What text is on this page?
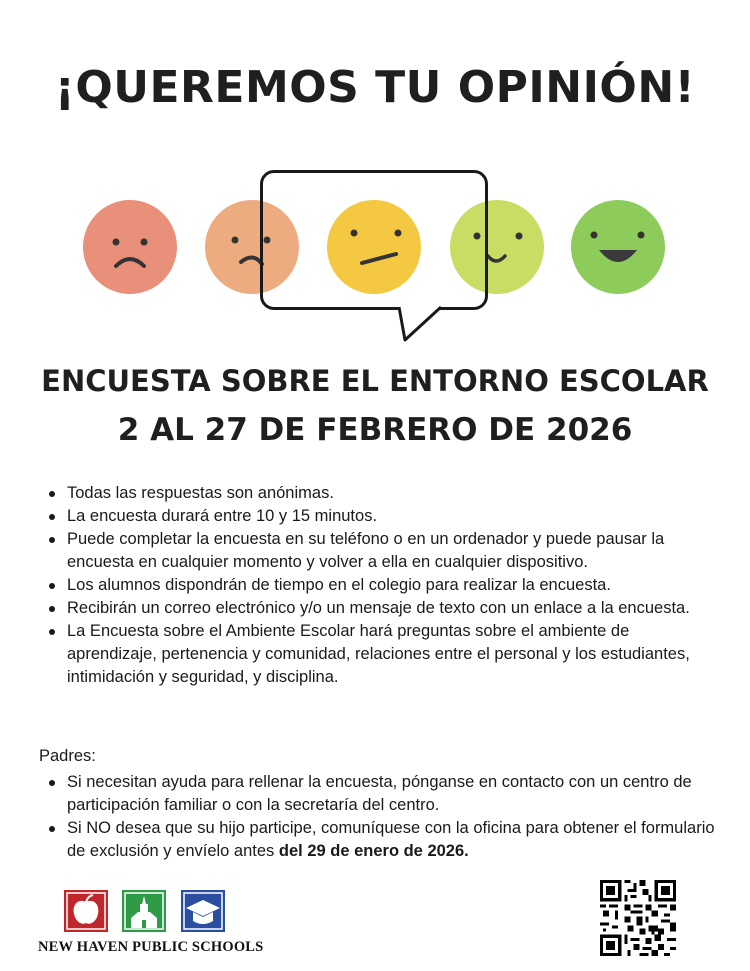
¡QUEREMOS TU OPINIÓN!
ENCUESTA SOBRE EL ENTORNO ESCOLAR
2 AL 27 DE FEBRERO DE 2026
Todas las respuestas son anónimas.
La encuesta durará entre 10 y 15 minutos.
Puede completar la encuesta en su teléfono o en un ordenador y puede pausar la encuesta en cualquier momento y volver a ella en cualquier dispositivo.
Los alumnos dispondrán de tiempo en el colegio para realizar la encuesta.
Recibirán un correo electrónico y/o un mensaje de texto con un enlace a la encuesta.
La Encuesta sobre el Ambiente Escolar hará preguntas sobre el ambiente de aprendizaje, pertenencia y comunidad, relaciones entre el personal y los estudiantes, intimidación y seguridad, y disciplina.
Padres:
Si necesitan ayuda para rellenar la encuesta, pónganse en contacto con un centro de participación familiar o con la secretaría del centro.
Si NO desea que su hijo participe, comuníquese con la oficina para obtener el formulario de exclusión y envíelo antes del 29 de enero de 2026.
NEW HAVEN PUBLIC SCHOOLS
